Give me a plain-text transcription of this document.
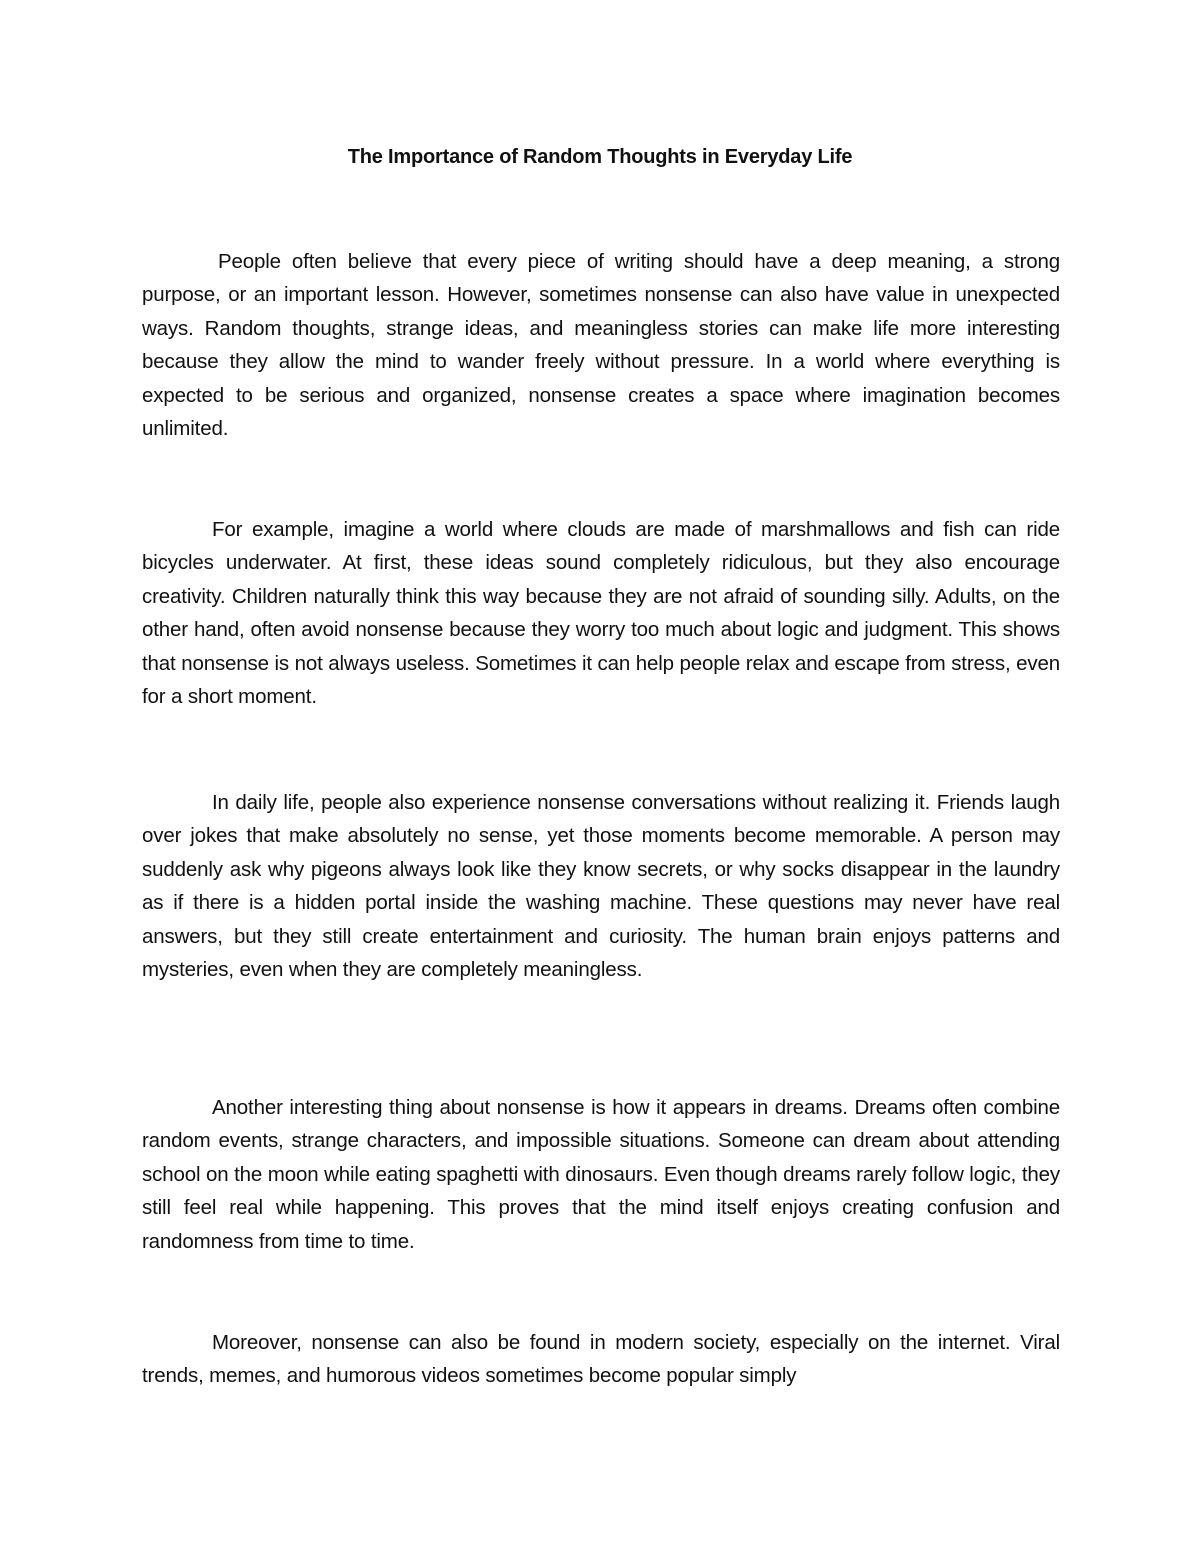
The Importance of Random Thoughts in Everyday Life

People often believe that every piece of writing should have a deep meaning, a strong purpose, or an important lesson. However, sometimes nonsense can also have value in unexpected ways. Random thoughts, strange ideas, and meaningless stories can make life more interesting because they allow the mind to wander freely without pressure. In a world where everything is expected to be serious and organized, nonsense creates a space where imagination becomes unlimited.

For example, imagine a world where clouds are made of marshmallows and fish can ride bicycles underwater. At first, these ideas sound completely ridiculous, but they also encourage creativity. Children naturally think this way because they are not afraid of sounding silly. Adults, on the other hand, often avoid nonsense because they worry too much about logic and judgment. This shows that nonsense is not always useless. Sometimes it can help people relax and escape from stress, even for a short moment.

In daily life, people also experience nonsense conversations without realizing it. Friends laugh over jokes that make absolutely no sense, yet those moments become memorable. A person may suddenly ask why pigeons always look like they know secrets, or why socks disappear in the laundry as if there is a hidden portal inside the washing machine. These questions may never have real answers, but they still create entertainment and curiosity. The human brain enjoys patterns and mysteries, even when they are completely meaningless.

Another interesting thing about nonsense is how it appears in dreams. Dreams often combine random events, strange characters, and impossible situations. Someone can dream about attending school on the moon while eating spaghetti with dinosaurs. Even though dreams rarely follow logic, they still feel real while happening. This proves that the mind itself enjoys creating confusion and randomness from time to time.

Moreover, nonsense can also be found in modern society, especially on the internet. Viral trends, memes, and humorous videos sometimes become popular simply
